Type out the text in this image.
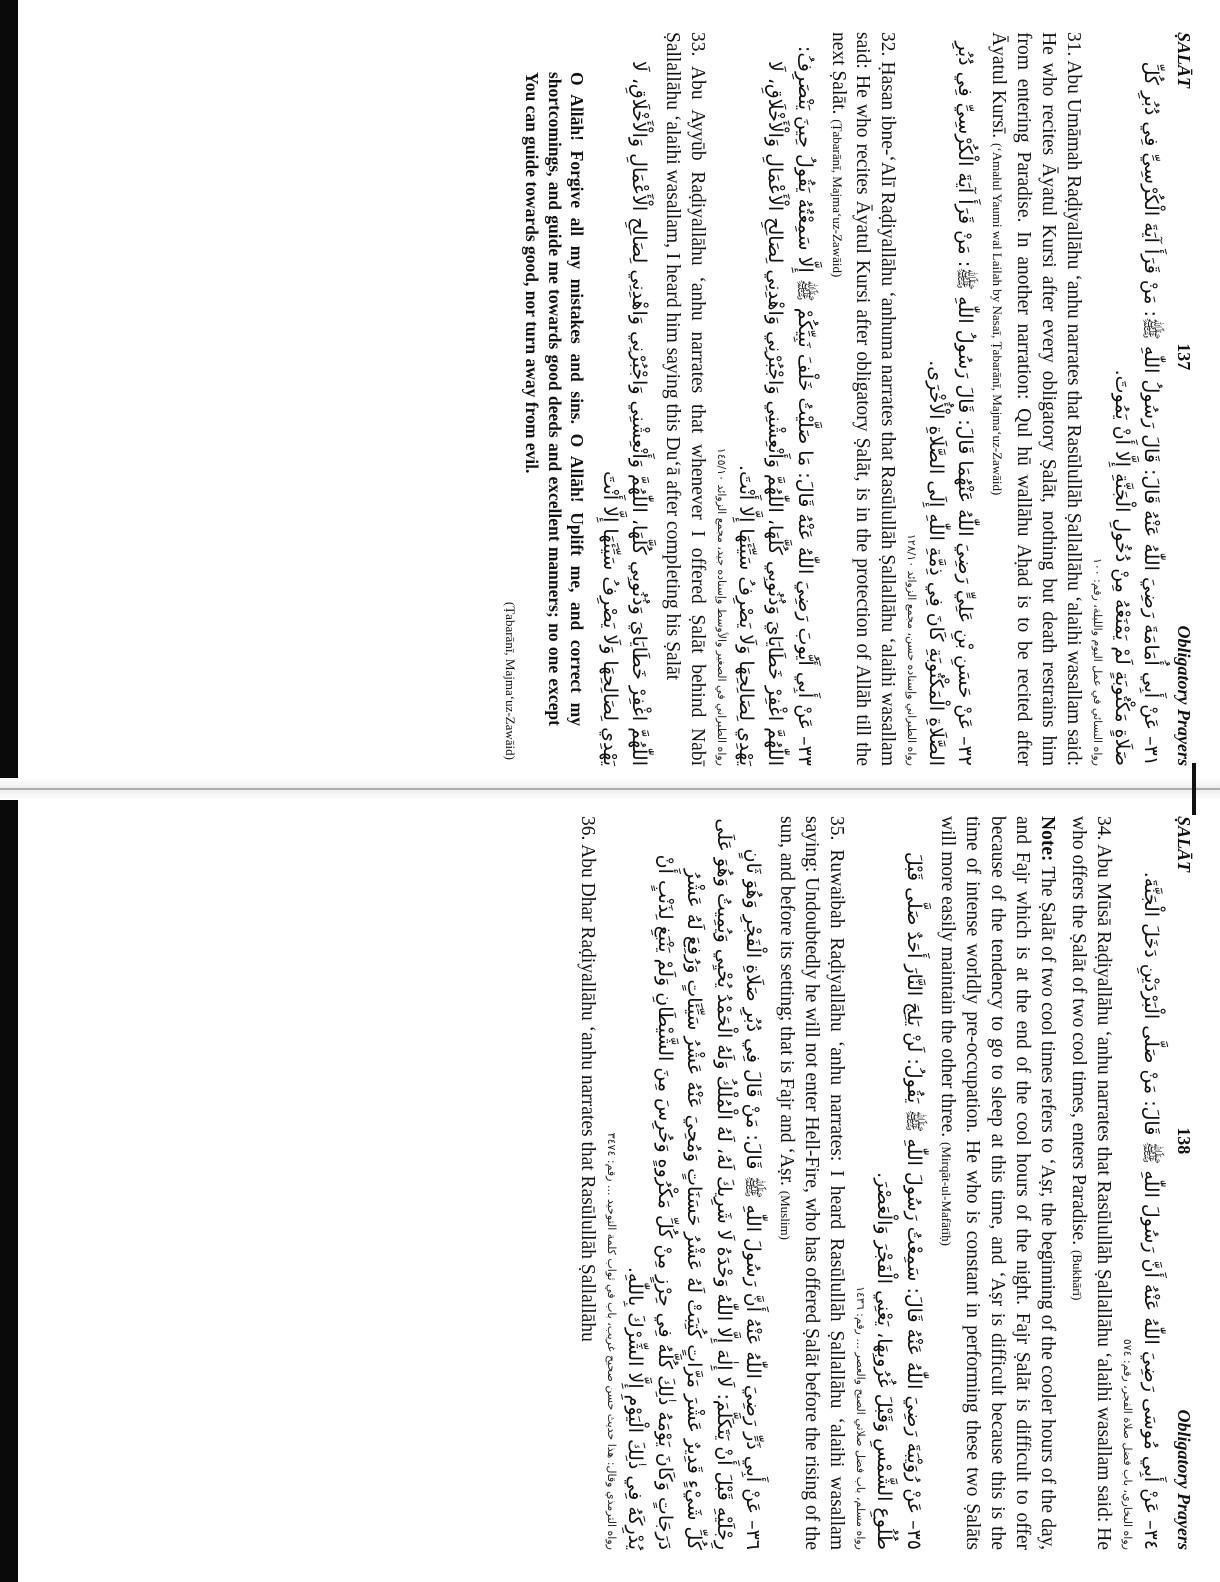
ṢALĀT
137
Obligatory Prayers
٣١– عَنْ أَبِي أُمَامَةَ رَضِيَ اللّٰهُ عَنْهُ قَالَ: قَالَ رَسُولُ اللّٰهِ ﷺ: مَنْ قَرَأَ آيَةَ الْكُرْسِيِّ فِي دُبُرِ كُلِّ صَلَاةٍ مَكْتُوبَةٍ لَمْ يَمْنَعْهُ مِنْ دُخُولِ الْجَنَّةِ إِلَّا أَنْ يَمُوتَ.
رواه النسائي في عمل اليوم والليلة، رقم: ١٠٠
31. Abu Umāmah Raḍiyallāhu ‘anhu narrates that Rasūlullāh Ṣallallāhu ‘alaihi wasallam said: He who recites Āyatul Kursi after every obligatory Ṣalāt, nothing but death restrains him from entering Paradise. In another narration: Qul hū wallāhu Aḥad is to be recited after Āyatul Kursī. (‘Amalul Yaumi wal Lailah by Nasaī, Ṭabarānī, Majma‘uz-Zawāid)
٣٢– عَنْ حَسَنِ بْنِ عَلِيٍّ رَضِيَ اللّٰهُ عَنْهُمَا قَالَ: قَالَ رَسُولُ اللّٰهِ ﷺ: مَنْ قَرَأَ آيَةَ الْكُرْسِيِّ فِي دُبُرِ الصَّلَاةِ الْمَكْتُوبَةِ كَانَ فِي ذِمَّةِ اللّٰهِ إِلَى الصَّلَاةِ الْأُخْرَى.
رواه الطبراني وإسناده حسن، مجمع الزوائد ١٢٨/١٠
32. Ḥasan ibne-‘Alī Raḍiyallāhu ‘anhuma narrates that Rasūlullāh Ṣallallāhu ‘alaihi wasallam said: He who recites Āyatul Kursi after obligatory Ṣalāt, is in the protection of Allāh till the next Ṣalāt. (Ṭabarānī, Majma‘uz-Zawāid)
٣٣– عَنْ أَبِي أَيُّوبَ رَضِيَ اللّٰهُ عَنْهُ قَالَ: مَا صَلَّيْتُ خَلْفَ نَبِيِّكُمْ ﷺ إِلَّا سَمِعْتُهُ يَقُولُ حِينَ يَنْصَرِفُ: اللّٰهُمَّ اغْفِرْ خَطَايَايَ وَذُنُوبِي كُلَّهَا، اللّٰهُمَّ وَأَنْعِشْنِي وَاجْبُرْنِي وَاهْدِنِي لِصَالِحِ الْأَعْمَالِ وَالْأَخْلَاقِ، لَا يَهْدِي لِصَالِحِهَا وَلَا يَصْرِفُ سَيِّئَهَا إِلَّا أَنْتَ.
رواه الطبراني في الصغير والأوسط وإسناده جيد، مجمع الزوائد ١٤٥/١٠
33. Abu Ayyūb Raḍiyallāhu ‘anhu narrates that whenever I offered Ṣalāt behind Nabī Ṣallallāhu ‘alaihi wasallam, I heard him saying this Du‘ā after completing his Ṣalāt
اللّٰهُمَّ اغْفِرْ خَطَايَايَ وَذُنُوبِي كُلَّهَا، اللّٰهُمَّ وَأَنْعِشْنِي وَاجْبُرْنِي وَاهْدِنِي لِصَالِحِ الْأَعْمَالِ وَالْأَخْلَاقِ، لَا يَهْدِي لِصَالِحِهَا وَلَا يَصْرِفُ سَيِّئَهَا إِلَّا أَنْتَ
O Allāh! Forgive all my mistakes and sins. O Allāh! Uplift me, and correct my shortcomings, and guide me towards good deeds and excellent manners; no one except You can guide towards good, nor turn away from evil.
(Ṭabarānī, Majma‘uz-Zawāid)
ṢALĀT
138
Obligatory Prayers
٣٤– عَنْ أَبِي مُوسَى رَضِيَ اللّٰهُ عَنْهُ أَنَّ رَسُولَ اللّٰهِ ﷺ قَالَ: مَنْ صَلَّى الْبَرْدَيْنِ دَخَلَ الْجَنَّةَ.
رواه البخاري، باب فضل صلاة الفجر، رقم: ٥٧٤
34. Abu Mūsā Raḍiyallāhu ‘anhu narrates that Rasūlullāh Ṣallallāhu ‘alaihi wasallam said: He who offers the Ṣalāt of two cool times, enters Paradise. (Bukhārī)
Note: The Ṣalāt of two cool times refers to ‘Aṣr, the beginning of the cooler hours of the day, and Fajr which is at the end of the cool hours of the night. Fajr Ṣalāt is difficult to offer because of the tendency to go to sleep at this time, and ‘Aṣr is difficult because this is the time of intense worldly pre-occupation. He who is constant in performing these two Ṣalāts will more easily maintain the other three. (Mirqāt-ul-Mafātīḥ)
٣٥– عَنْ رُوَيْبَةَ رَضِيَ اللّٰهُ عَنْهُ قَالَ: سَمِعْتُ رَسُولَ اللّٰهِ ﷺ يَقُولُ: لَنْ يَلِجَ النَّارَ أَحَدٌ صَلَّى قَبْلَ طُلُوعِ الشَّمْسِ وَقَبْلَ غُرُوبِهَا، يَعْنِي الْفَجْرَ وَالْعَصْرَ.
رواه مسلم، باب فضل صلاتي الصبح والعصر ... رقم: ١٤٣٦
35. Ruwaibah Raḍiyallāhu ‘anhu narrates: I heard Rasūlullāh Ṣallallāhu ‘alaihi wasallam saying: Undoubtedly he will not enter Hell-Fire, who has offered Ṣalāt before the rising of the sun, and before its setting; that is Fajr and ‘Aṣr. (Muslim)
٣٦– عَنْ أَبِي ذَرٍّ رَضِيَ اللّٰهُ عَنْهُ أَنَّ رَسُولَ اللّٰهِ ﷺ قَالَ: مَنْ قَالَ فِي دُبُرِ صَلَاةِ الْفَجْرِ وَهُوَ ثَانٍ رِجْلَيْهِ قَبْلَ أَنْ يَتَكَلَّمَ: لَا إِلٰهَ إِلَّا اللّٰهُ وَحْدَهُ لَا شَرِيكَ لَهُ، لَهُ الْمُلْكُ وَلَهُ الْحَمْدُ يُحْيِي وَيُمِيتُ وَهُوَ عَلَى كُلِّ شَيْءٍ قَدِيرٌ عَشْرَ مَرَّاتٍ كُتِبَتْ لَهُ عَشْرُ حَسَنَاتٍ وَمُحِيَ عَنْهُ عَشْرُ سَيِّئَاتٍ وَرُفِعَ لَهُ عَشْرُ دَرَجَاتٍ وَكَانَ يَوْمَهُ ذٰلِكَ كُلَّهُ فِي حِرْزٍ مِنْ كُلِّ مَكْرُوهٍ وَحُرِسَ مِنَ الشَّيْطَانِ وَلَمْ يَنْبَغِ لِذَنْبٍ أَنْ يُدْرِكَهُ فِي ذٰلِكَ الْيَوْمِ إِلَّا الشِّرْكَ بِاللّٰهِ.
رواه الترمذي وقال: هذا حديث حسن صحيح غريب، باب في ثواب كلمة التوحيد ... رقم: ٣٤٧٤
36. Abu Dhar Raḍiyallāhu ‘anhu narrates that Rasūlullāh Ṣallallāhu
